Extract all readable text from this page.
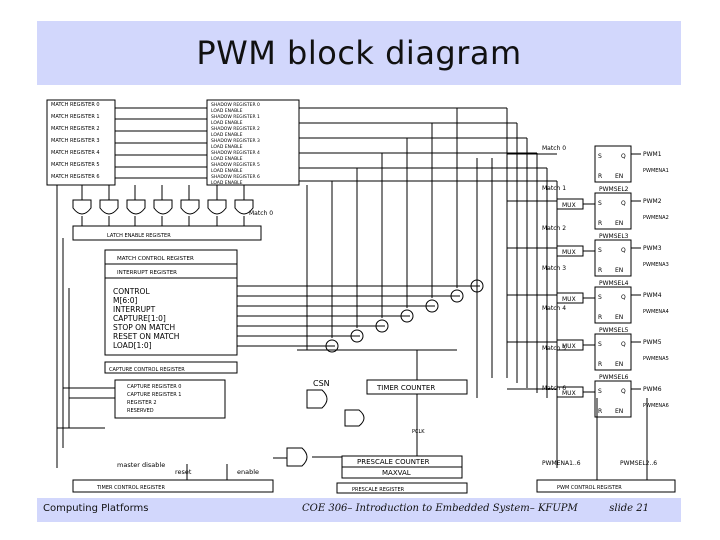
PWM block diagram
MATCH REGISTER 0
MATCH REGISTER 1
MATCH REGISTER 2
MATCH REGISTER 3
MATCH REGISTER 4
MATCH REGISTER 5
MATCH REGISTER 6
SHADOW REGISTER 0
LOAD ENABLE
SHADOW REGISTER 1
LOAD ENABLE
SHADOW REGISTER 2
LOAD ENABLE
SHADOW REGISTER 3
LOAD ENABLE
SHADOW REGISTER 4
LOAD ENABLE
SHADOW REGISTER 5
LOAD ENABLE
SHADOW REGISTER 6
LOAD ENABLE
Match 0
LATCH ENABLE REGISTER
MATCH CONTROL REGISTER
INTERRUPT REGISTER
CONTROL
M[6:0]
INTERRUPT
CAPTURE[1:0]
STOP ON MATCH
RESET ON MATCH
LOAD[1:0]
CAPTURE CONTROL REGISTER
CAPTURE REGISTER 0
CAPTURE REGISTER 1
REGISTER 2
RESERVED
CSN	TIMER COUNTER
PCLK
PRESCALE COUNTER
MAXVAL
PRESCALE REGISTER
master disable
reset	enable
TIMER CONTROL REGISTER	PWM CONTROL REGISTER
PWMENA1..6	PWMSEL2..6
S	Q
R EN
PWM1
PWMENA1
PWMSEL2
S	Q
R EN
PWM2
PWMENA2
PWMSEL3
MUX
S	Q
R EN
PWM3
PWMENA3
PWMSEL4
MUX
S	Q
R EN
PWM4
PWMENA4
PWMSEL5
MUX
S	Q
R EN
PWM5
PWMENA5
PWMSEL6
MUX
S	Q
R EN
PWM6
PWMENA6
MUX
Match 0
Match 1
Match 2
Match 3
Match 4
Match 5
Match 6
Computing Platforms	COE 306– Introduction to Embedded System– KFUPM	slide 21
